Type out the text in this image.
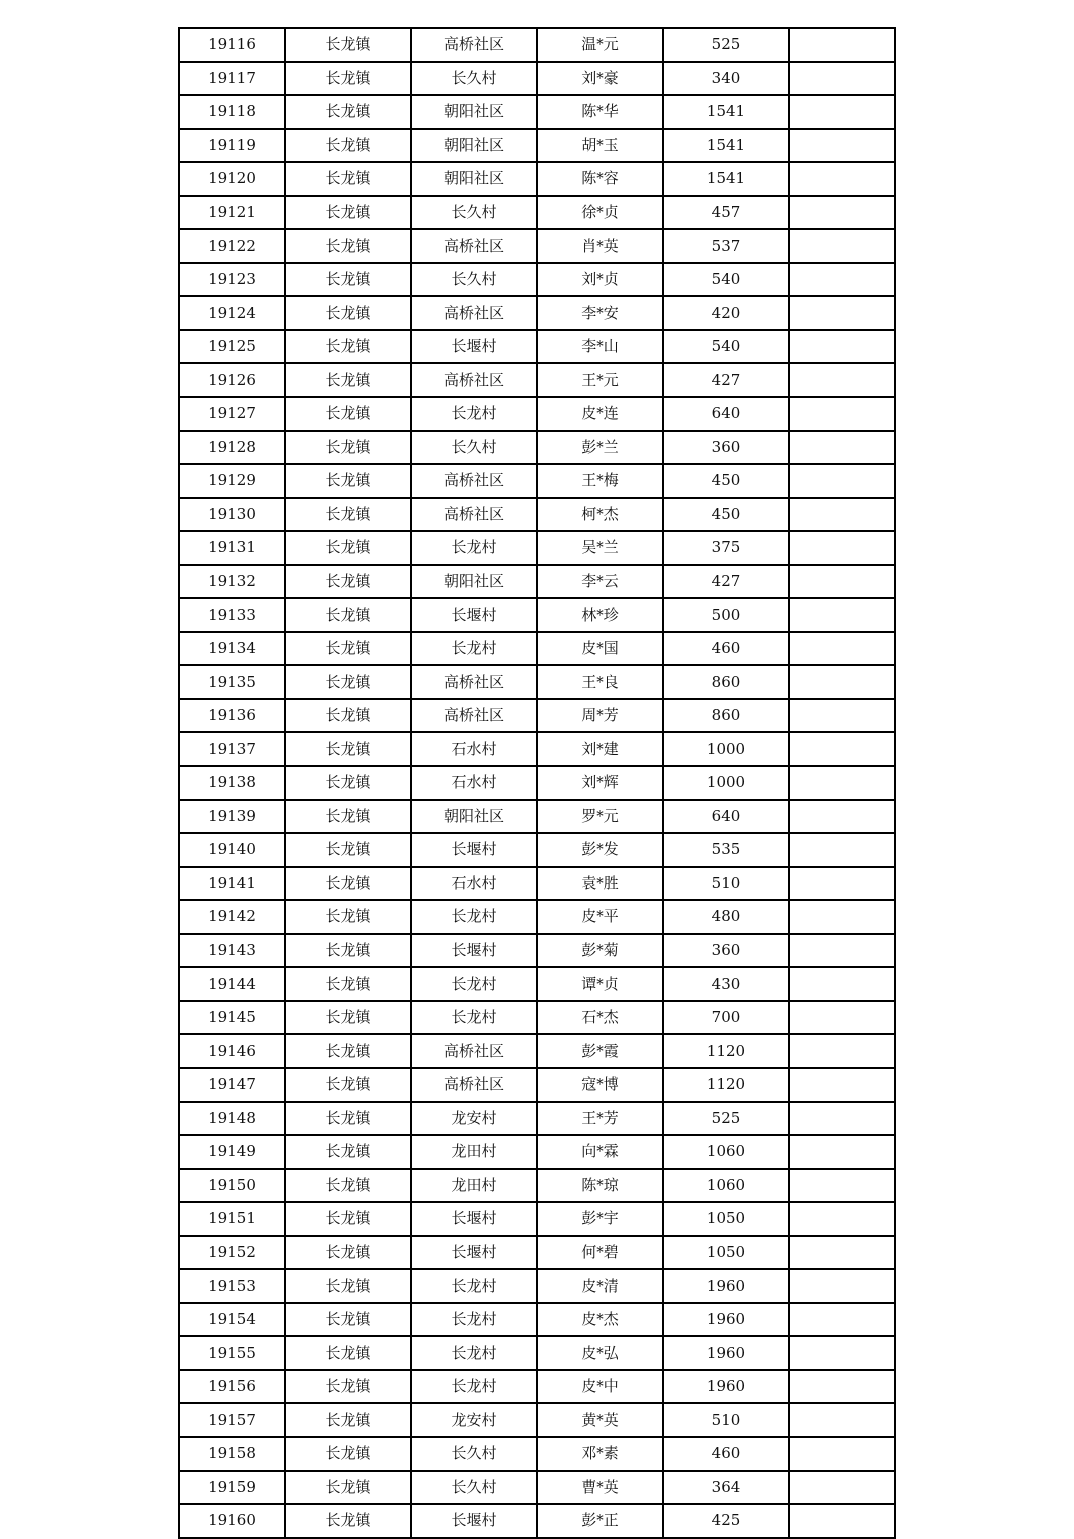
19116	长龙镇	高桥社区	温*元	525	
19117	长龙镇	长久村	刘*豪	340	
19118	长龙镇	朝阳社区	陈*华	1541	
19119	长龙镇	朝阳社区	胡*玉	1541	
19120	长龙镇	朝阳社区	陈*容	1541	
19121	长龙镇	长久村	徐*贞	457	
19122	长龙镇	高桥社区	肖*英	537	
19123	长龙镇	长久村	刘*贞	540	
19124	长龙镇	高桥社区	李*安	420	
19125	长龙镇	长堰村	李*山	540	
19126	长龙镇	高桥社区	王*元	427	
19127	长龙镇	长龙村	皮*连	640	
19128	长龙镇	长久村	彭*兰	360	
19129	长龙镇	高桥社区	王*梅	450	
19130	长龙镇	高桥社区	柯*杰	450	
19131	长龙镇	长龙村	吴*兰	375	
19132	长龙镇	朝阳社区	李*云	427	
19133	长龙镇	长堰村	林*珍	500	
19134	长龙镇	长龙村	皮*国	460	
19135	长龙镇	高桥社区	王*良	860	
19136	长龙镇	高桥社区	周*芳	860	
19137	长龙镇	石水村	刘*建	1000	
19138	长龙镇	石水村	刘*辉	1000	
19139	长龙镇	朝阳社区	罗*元	640	
19140	长龙镇	长堰村	彭*发	535	
19141	长龙镇	石水村	袁*胜	510	
19142	长龙镇	长龙村	皮*平	480	
19143	长龙镇	长堰村	彭*菊	360	
19144	长龙镇	长龙村	谭*贞	430	
19145	长龙镇	长龙村	石*杰	700	
19146	长龙镇	高桥社区	彭*霞	1120	
19147	长龙镇	高桥社区	寇*博	1120	
19148	长龙镇	龙安村	王*芳	525	
19149	长龙镇	龙田村	向*霖	1060	
19150	长龙镇	龙田村	陈*琼	1060	
19151	长龙镇	长堰村	彭*宇	1050	
19152	长龙镇	长堰村	何*碧	1050	
19153	长龙镇	长龙村	皮*清	1960	
19154	长龙镇	长龙村	皮*杰	1960	
19155	长龙镇	长龙村	皮*弘	1960	
19156	长龙镇	长龙村	皮*中	1960	
19157	长龙镇	龙安村	黄*英	510	
19158	长龙镇	长久村	邓*素	460	
19159	长龙镇	长久村	曹*英	364	
19160	长龙镇	长堰村	彭*正	425	
